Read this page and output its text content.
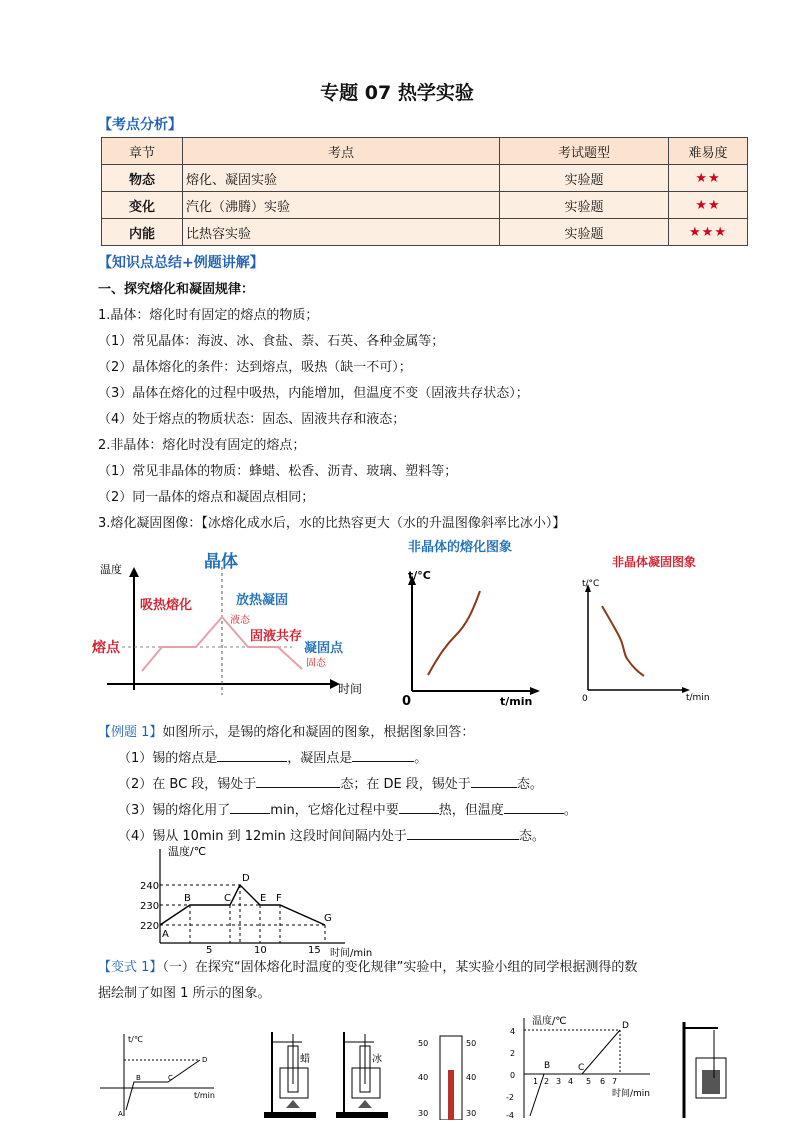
专题 07 热学实验
【考点分析】
章节	考点	考试题型	难易度
物态	熔化、凝固实验	实验题	★★
变化	汽化（沸腾）实验	实验题	★★
内能	比热容实验	实验题	★★★
【知识点总结+例题讲解】
一、探究熔化和凝固规律：
1.晶体：熔化时有固定的熔点的物质；
（1）常见晶体：海波、冰、食盐、萘、石英、各种金属等；
（2）晶体熔化的条件：达到熔点，吸热（缺一不可）；
（3）晶体在熔化的过程中吸热，内能增加，但温度不变（固液共存状态）；
（4）处于熔点的物质状态：固态、固液共存和液态；
2.非晶体：熔化时没有固定的熔点；
（1）常见非晶体的物质：蜂蜡、松香、沥青、玻璃、塑料等；
（2）同一晶体的熔点和凝固点相同；
3.熔化凝固图像：【冰熔化成水后，水的比热容更大（水的升温图像斜率比冰小）】
温度	晶体
吸热熔化	放热凝固
液态
固液共存
凝固点
固态
熔点
时间
非晶体的熔化图象
t/°C
t/min
0
非晶体凝固图象
t/°C
t/min
0
【例题 1】如图所示，是锡的熔化和凝固的图象，根据图象回答：
（1）锡的熔点是	，凝固点是	。
（2）在 BC 段，锡处于	态；在 DE 段，锡处于	态。
（3）锡的熔化用了	min，它熔化过程中要	热，但温度	。
（4）锡从 10min 到 12min 这段时间间隔内处于	态。
温度/℃
240
230
220
5	10	15 时间/min
A
B	C
D
E F
G
【变式 1】（一）在探究“固体熔化时温度的变化规律”实验中，某实验小组的同学根据测得的数
据绘制了如图 1 所示的图象。
t/℃
t/min
B	C
D
A
蜡	冰
50
40
30
50
40
30
温度/℃
4
2
0
-2
-4
1 2 3 4 5 6 7
时间/min
B	C
D
